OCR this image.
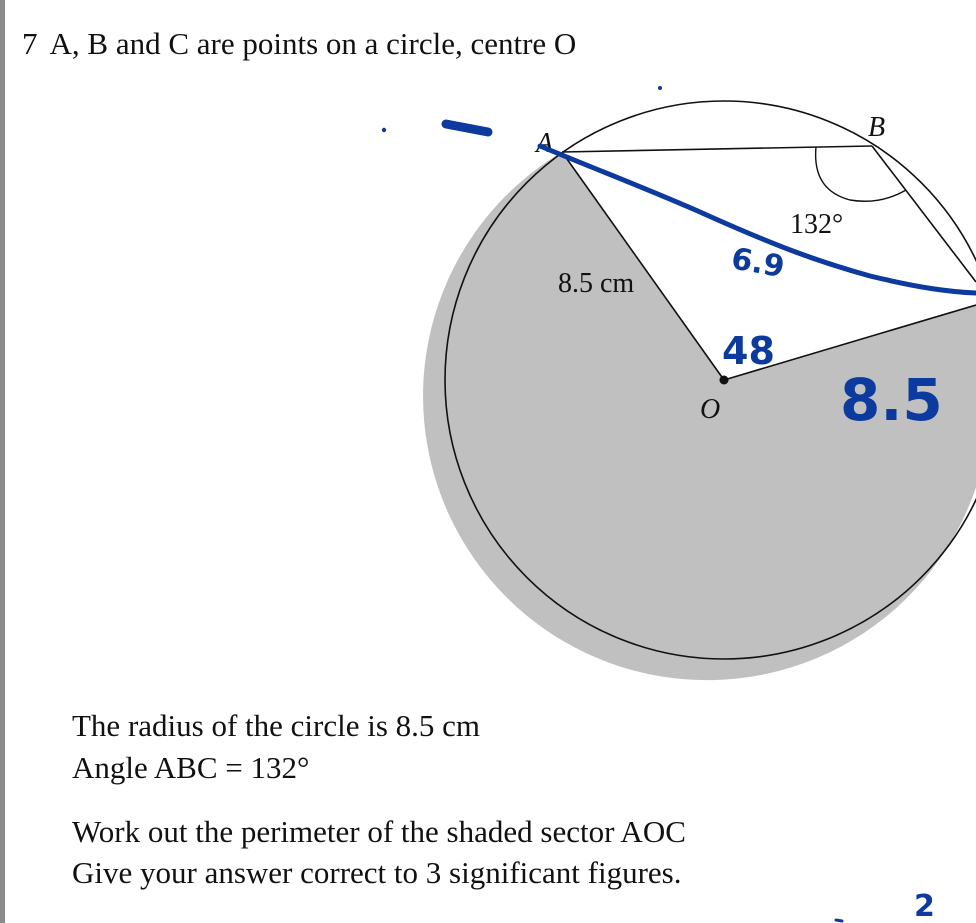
7 A, B and C are points on a circle, centre O
A
B
O
132°
8.5 cm	6.9
48
8.5
2
The radius of the circle is 8.5 cm
Angle ABC = 132°
Work out the perimeter of the shaded sector AOC
Give your answer correct to 3 significant figures.
